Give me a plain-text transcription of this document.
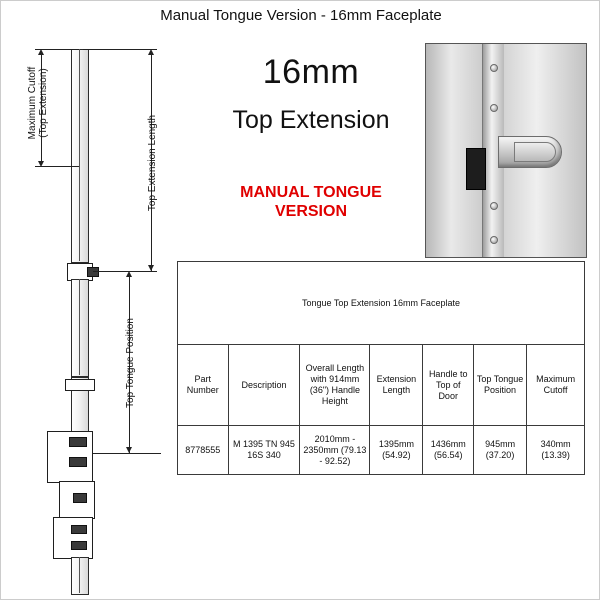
Manual Tongue Version - 16mm Faceplate
16mm
Top Extension
MANUAL TONGUE
VERSION
Maximum Cutoff
(Top Extension)
Top Extension Length
Top Tongue Position
Tongue Top Extension 16mm Faceplate						
Part Number	Description	Overall Length with 914mm (36") Handle Height	Extension Length	Handle to Top of Door	Top Tongue Position	Maximum Cutoff
8778555	M 1395 TN 945 16S 340	2010mm - 2350mm (79.13 - 92.52)	1395mm (54.92)	1436mm (56.54)	945mm (37.20)	340mm (13.39)
